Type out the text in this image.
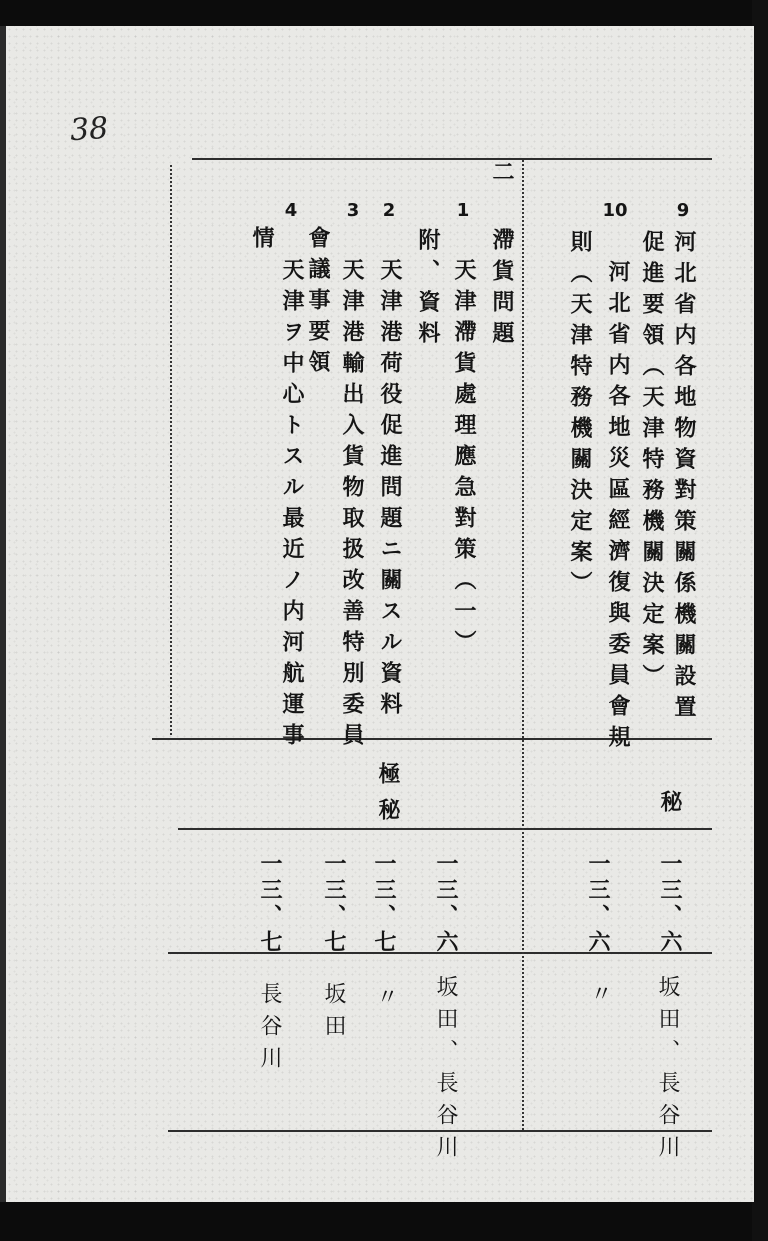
38
9
河北省内各地物資對策關係機關設置
促進要領（天津特務機關決定案）
秘
一三、六
坂田、長谷川
10
河北省内各地災區經濟復與委員會規
則（天津特務機關決定案）
一三、六
〃
二
滯貨問題
1
天津滯貨處理應急對策（一）
附、資料
一三、六
坂田、長谷川
2
天津港荷役促進問題ニ關スル資料
極秘
一三、七
〃
3
天津港輸出入貨物取扱改善特別委員
會議事要領
一三、七
坂田
4
天津ヲ中心トスル最近ノ内河航運事
情
一三、七
長谷川
